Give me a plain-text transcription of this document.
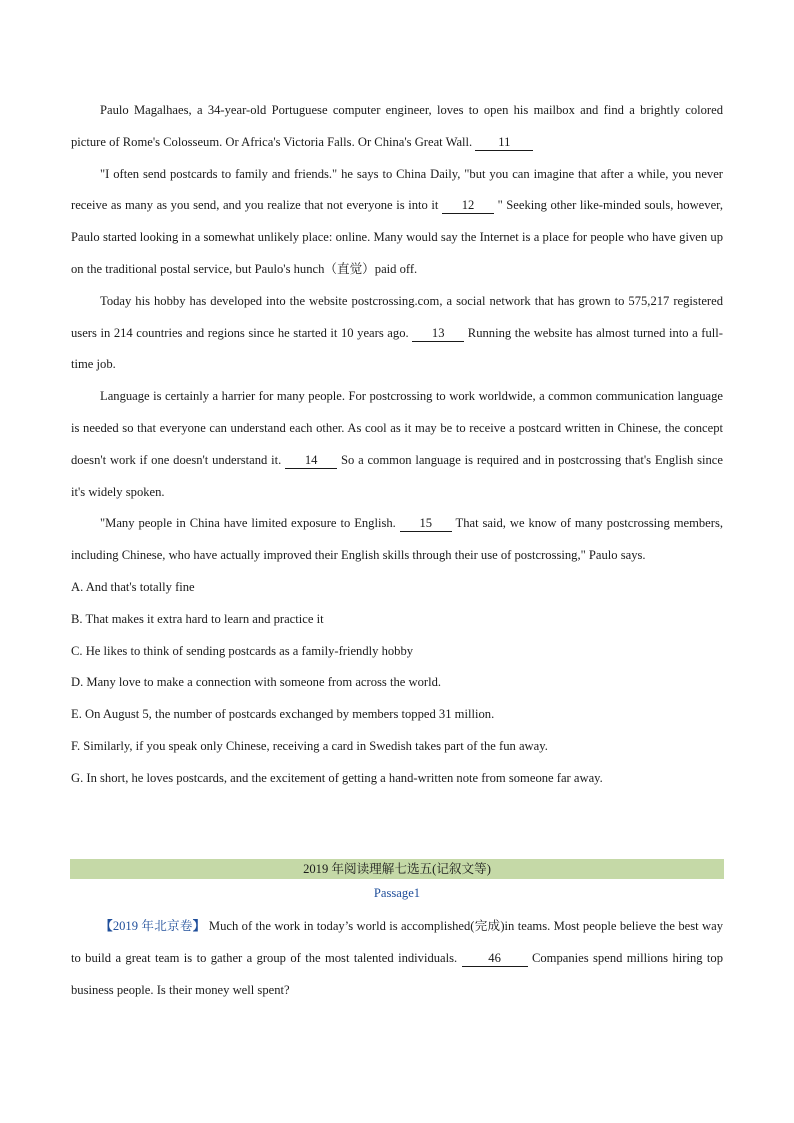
Paulo Magalhaes, a 34-year-old Portuguese computer engineer, loves to open his mailbox and find a brightly colored picture of Rome's Colosseum. Or Africa's Victoria Falls. Or China's Great Wall. 11

"I often send postcards to family and friends." he says to China Daily, "but you can imagine that after a while, you never receive as many as you send, and you realize that not everyone is into it 12 " Seeking other like-minded souls, however, Paulo started looking in a somewhat unlikely place: online. Many would say the Internet is a place for people who have given up on the traditional postal service, but Paulo's hunch（直觉）paid off.

Today his hobby has developed into the website postcrossing.com, a social network that has grown to 575,217 registered users in 214 countries and regions since he started it 10 years ago. 13 Running the website has almost turned into a full-time job.

Language is certainly a harrier for many people. For postcrossing to work worldwide, a common communication language is needed so that everyone can understand each other. As cool as it may be to receive a postcard written in Chinese, the concept doesn't work if one doesn't understand it. 14 So a common language is required and in postcrossing that's English since it's widely spoken.

"Many people in China have limited exposure to English. 15 That said, we know of many postcrossing members, including Chinese, who have actually improved their English skills through their use of postcrossing," Paulo says.

A. And that's totally fine

B. That makes it extra hard to learn and practice it

C. He likes to think of sending postcards as a family-friendly hobby

D. Many love to make a connection with someone from across the world.

E. On August 5, the number of postcards exchanged by members topped 31 million.

F. Similarly, if you speak only Chinese, receiving a card in Swedish takes part of the fun away.

G. In short, he loves postcards, and the excitement of getting a hand-written note from someone far away.

2019 年阅读理解七选五(记叙文等)
Passage1

【2019 年北京卷】 Much of the work in today’s world is accomplished(完成)in teams. Most people believe the best way to build a great team is to gather a group of the most talented individuals. 46 Companies spend millions hiring top business people. Is their money well spent?
